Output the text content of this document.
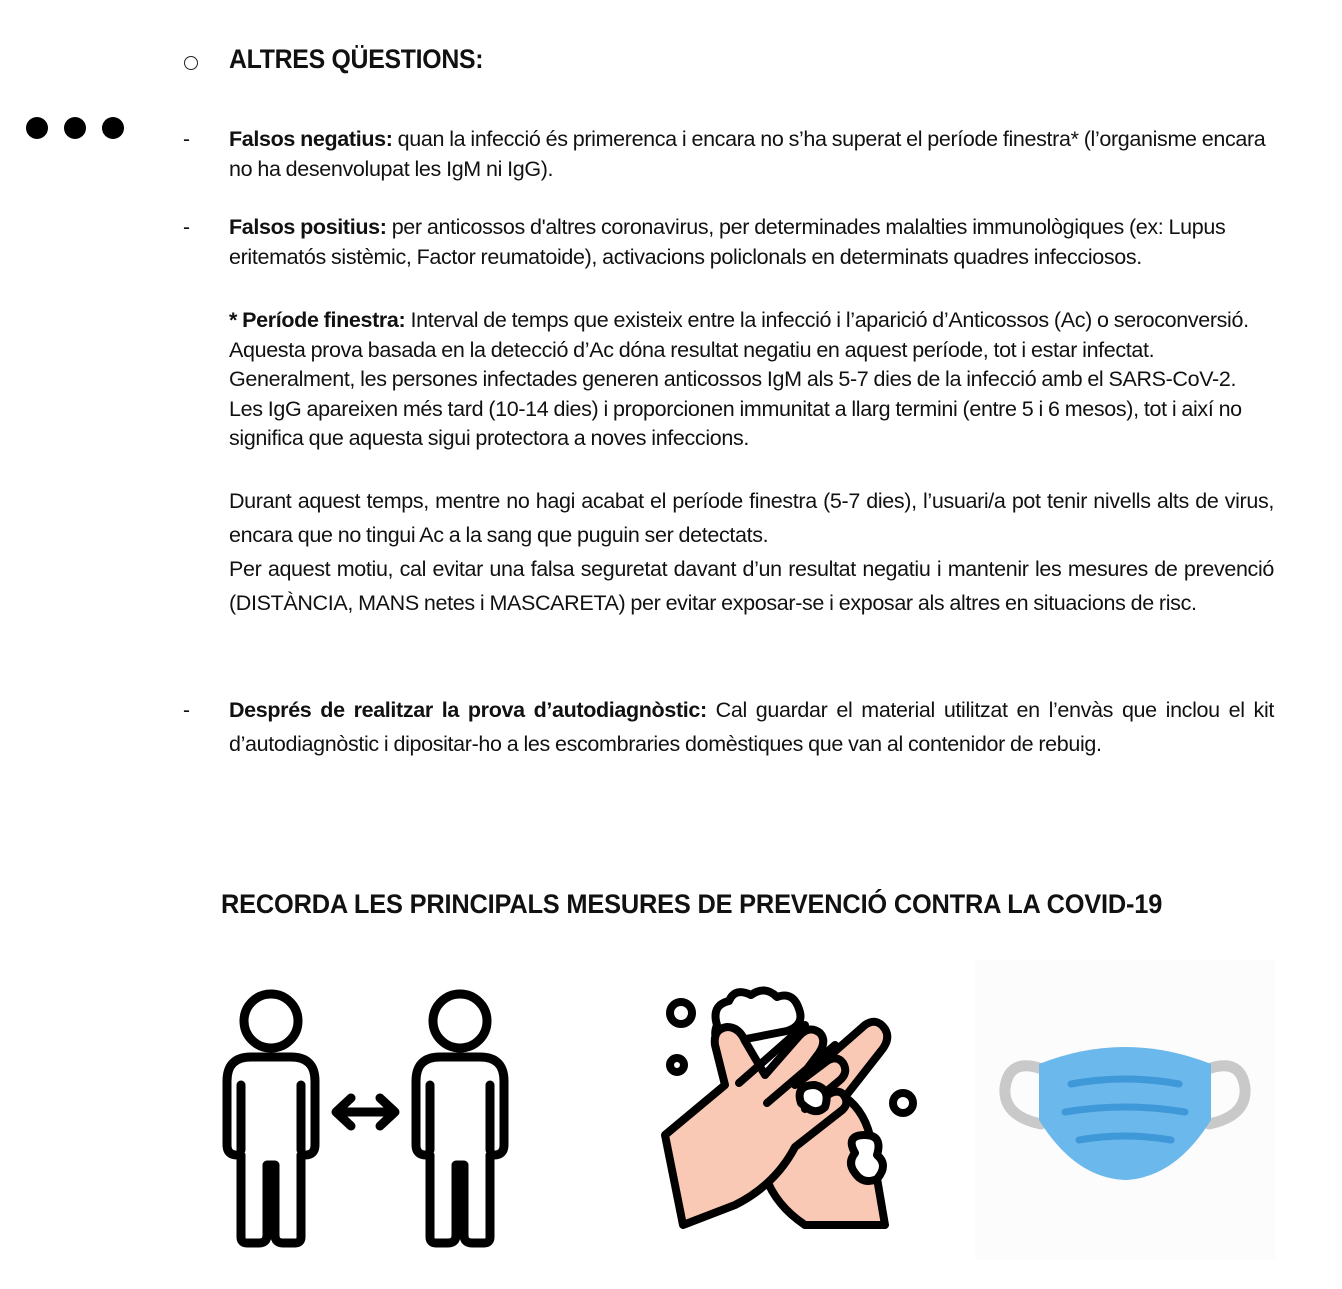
ALTRES QÜESTIONS:
- Falsos negatius: quan la infecció és primerenca i encara no s’ha superat el període finestra* (l’organisme encara no ha desenvolupat les IgM ni IgG).
- Falsos positius: per anticossos d'altres coronavirus, per determinades malalties immunològiques (ex: Lupus eritematós sistèmic, Factor reumatoide), activacions policlonals en determinats quadres infecciosos.
* Període finestra: Interval de temps que existeix entre la infecció i l’aparició d’Anticossos (Ac) o seroconversió. Aquesta prova basada en la detecció d’Ac dóna resultat negatiu en aquest període, tot i estar infectat. Generalment, les persones infectades generen anticossos IgM als 5-7 dies de la infecció amb el SARS-CoV-2. Les IgG apareixen més tard (10-14 dies) i proporcionen immunitat a llarg termini (entre 5 i 6 mesos), tot i així no significa que aquesta sigui protectora a noves infeccions.
Durant aquest temps, mentre no hagi acabat el període finestra (5-7 dies), l’usuari/a pot tenir nivells alts de virus, encara que no tingui Ac a la sang que puguin ser detectats.
Per aquest motiu, cal evitar una falsa seguretat davant d’un resultat negatiu i mantenir les mesures de prevenció (DISTÀNCIA, MANS netes i MASCARETA) per evitar exposar-se i exposar als altres en situacions de risc.
- Després de realitzar la prova d’autodiagnòstic: Cal guardar el material utilitzat en l’envàs que inclou el kit d’autodiagnòstic i dipositar-ho a les escombraries domèstiques que van al contenidor de rebuig.
RECORDA LES PRINCIPALS MESURES DE PREVENCIÓ CONTRA LA COVID-19
